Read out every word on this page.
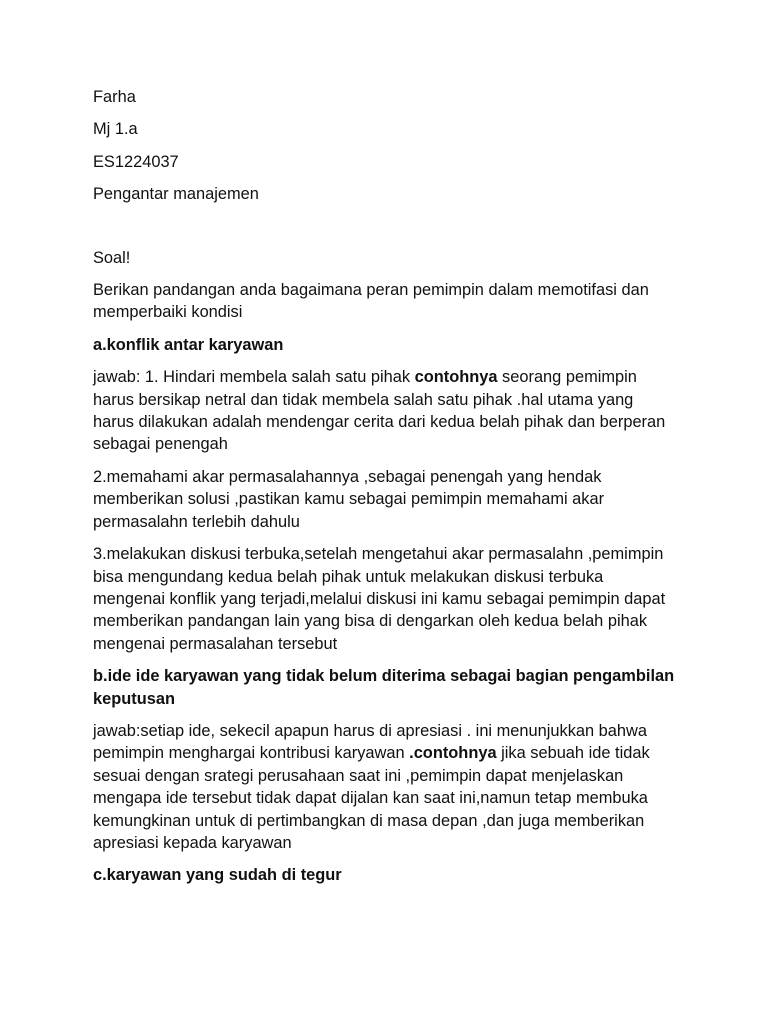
Farha

Mj 1.a

ES1224037

Pengantar manajemen

Soal!

Berikan pandangan anda bagaimana peran pemimpin dalam memotifasi dan
memperbaiki kondisi

a.konflik antar karyawan

jawab: 1. Hindari membela salah satu pihak contohnya seorang pemimpin
harus bersikap netral dan tidak membela salah satu pihak .hal utama yang
harus dilakukan adalah mendengar cerita dari kedua belah pihak dan berperan
sebagai penengah

2.memahami akar permasalahannya ,sebagai penengah yang hendak
memberikan solusi ,pastikan kamu sebagai pemimpin memahami akar
permasalahn terlebih dahulu

3.melakukan diskusi terbuka,setelah mengetahui akar permasalahn ,pemimpin
bisa mengundang kedua belah pihak untuk melakukan diskusi terbuka
mengenai konflik yang terjadi,melalui diskusi ini kamu sebagai pemimpin dapat
memberikan pandangan lain yang bisa di dengarkan oleh kedua belah pihak
mengenai permasalahan tersebut

b.ide ide karyawan yang tidak belum diterima sebagai bagian pengambilan
keputusan

jawab:setiap ide, sekecil apapun harus di apresiasi . ini menunjukkan bahwa
pemimpin menghargai kontribusi karyawan .contohnya jika sebuah ide tidak
sesuai dengan srategi perusahaan saat ini ,pemimpin dapat menjelaskan
mengapa ide tersebut tidak dapat dijalan kan saat ini,namun tetap membuka
kemungkinan untuk di pertimbangkan di masa depan ,dan juga memberikan
apresiasi kepada karyawan

c.karyawan yang sudah di tegur
